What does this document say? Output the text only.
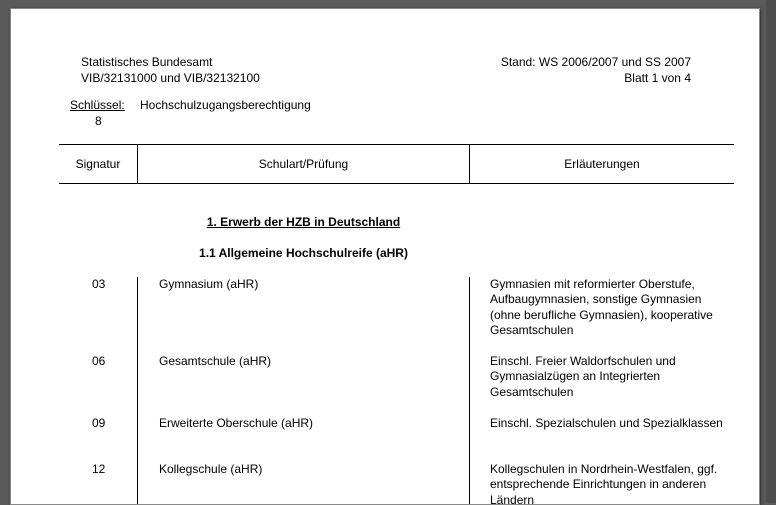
Statistisches Bundesamt
VIB/32131000 und VIB/32132100
Stand: WS 2006/2007 und SS 2007
Blatt 1 von 4
Schlüssel: Hochschulzugangsberechtigung
8
Signatur	Schulart/Prüfung	Erläuterungen
1. Erwerb der HZB in Deutschland
1.1 Allgemeine Hochschulreife (aHR)
03	Gymnasium (aHR)	Gymnasien mit reformierter Oberstufe,
Aufbaugymnasien, sonstige Gymnasien
(ohne berufliche Gymnasien), kooperative
Gesamtschulen
06	Gesamtschule (aHR)	Einschl. Freier Waldorfschulen und
Gymnasialzügen an Integrierten
Gesamtschulen
09	Erweiterte Oberschule (aHR)	Einschl. Spezialschulen und Spezialklassen
12	Kollegschule (aHR)	Kollegschulen in Nordrhein-Westfalen, ggf.
entsprechende Einrichtungen in anderen
Ländern
